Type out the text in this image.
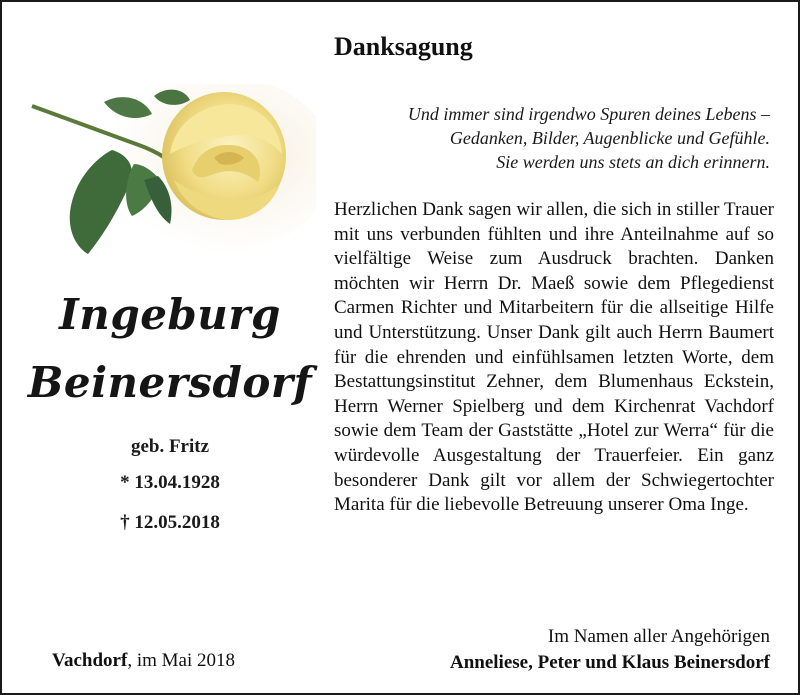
Ingeburg
Beinersdorf
geb. Fritz
* 13.04.1928
† 12.05.2018
Danksagung
Und immer sind irgendwo Spuren deines Lebens –
Gedanken, Bilder, Augenblicke und Gefühle.
Sie werden uns stets an dich erinnern.
Herzlichen Dank sagen wir allen, die sich in stiller Trauer mit uns verbunden fühlten und ihre Anteilnahme auf so vielfältige Weise zum Ausdruck brachten. Danken möchten wir Herrn Dr. Maeß sowie dem Pflegedienst Carmen Richter und Mitarbeitern für die allseitige Hilfe und Unterstützung. Unser Dank gilt auch Herrn Baumert für die ehrenden und einfühlsamen letzten Worte, dem Bestattungsinstitut Zehner, dem Blumenhaus Eckstein, Herrn Werner Spielberg und dem Kirchenrat Vachdorf sowie dem Team der Gaststätte „Hotel zur Werra“ für die würdevolle Ausgestaltung der Trauerfeier. Ein ganz besonderer Dank gilt vor allem der Schwiegertochter Marita für die liebevolle Betreuung unserer Oma Inge.
Vachdorf, im Mai 2018
Im Namen aller Angehörigen
Anneliese, Peter und Klaus Beinersdorf
